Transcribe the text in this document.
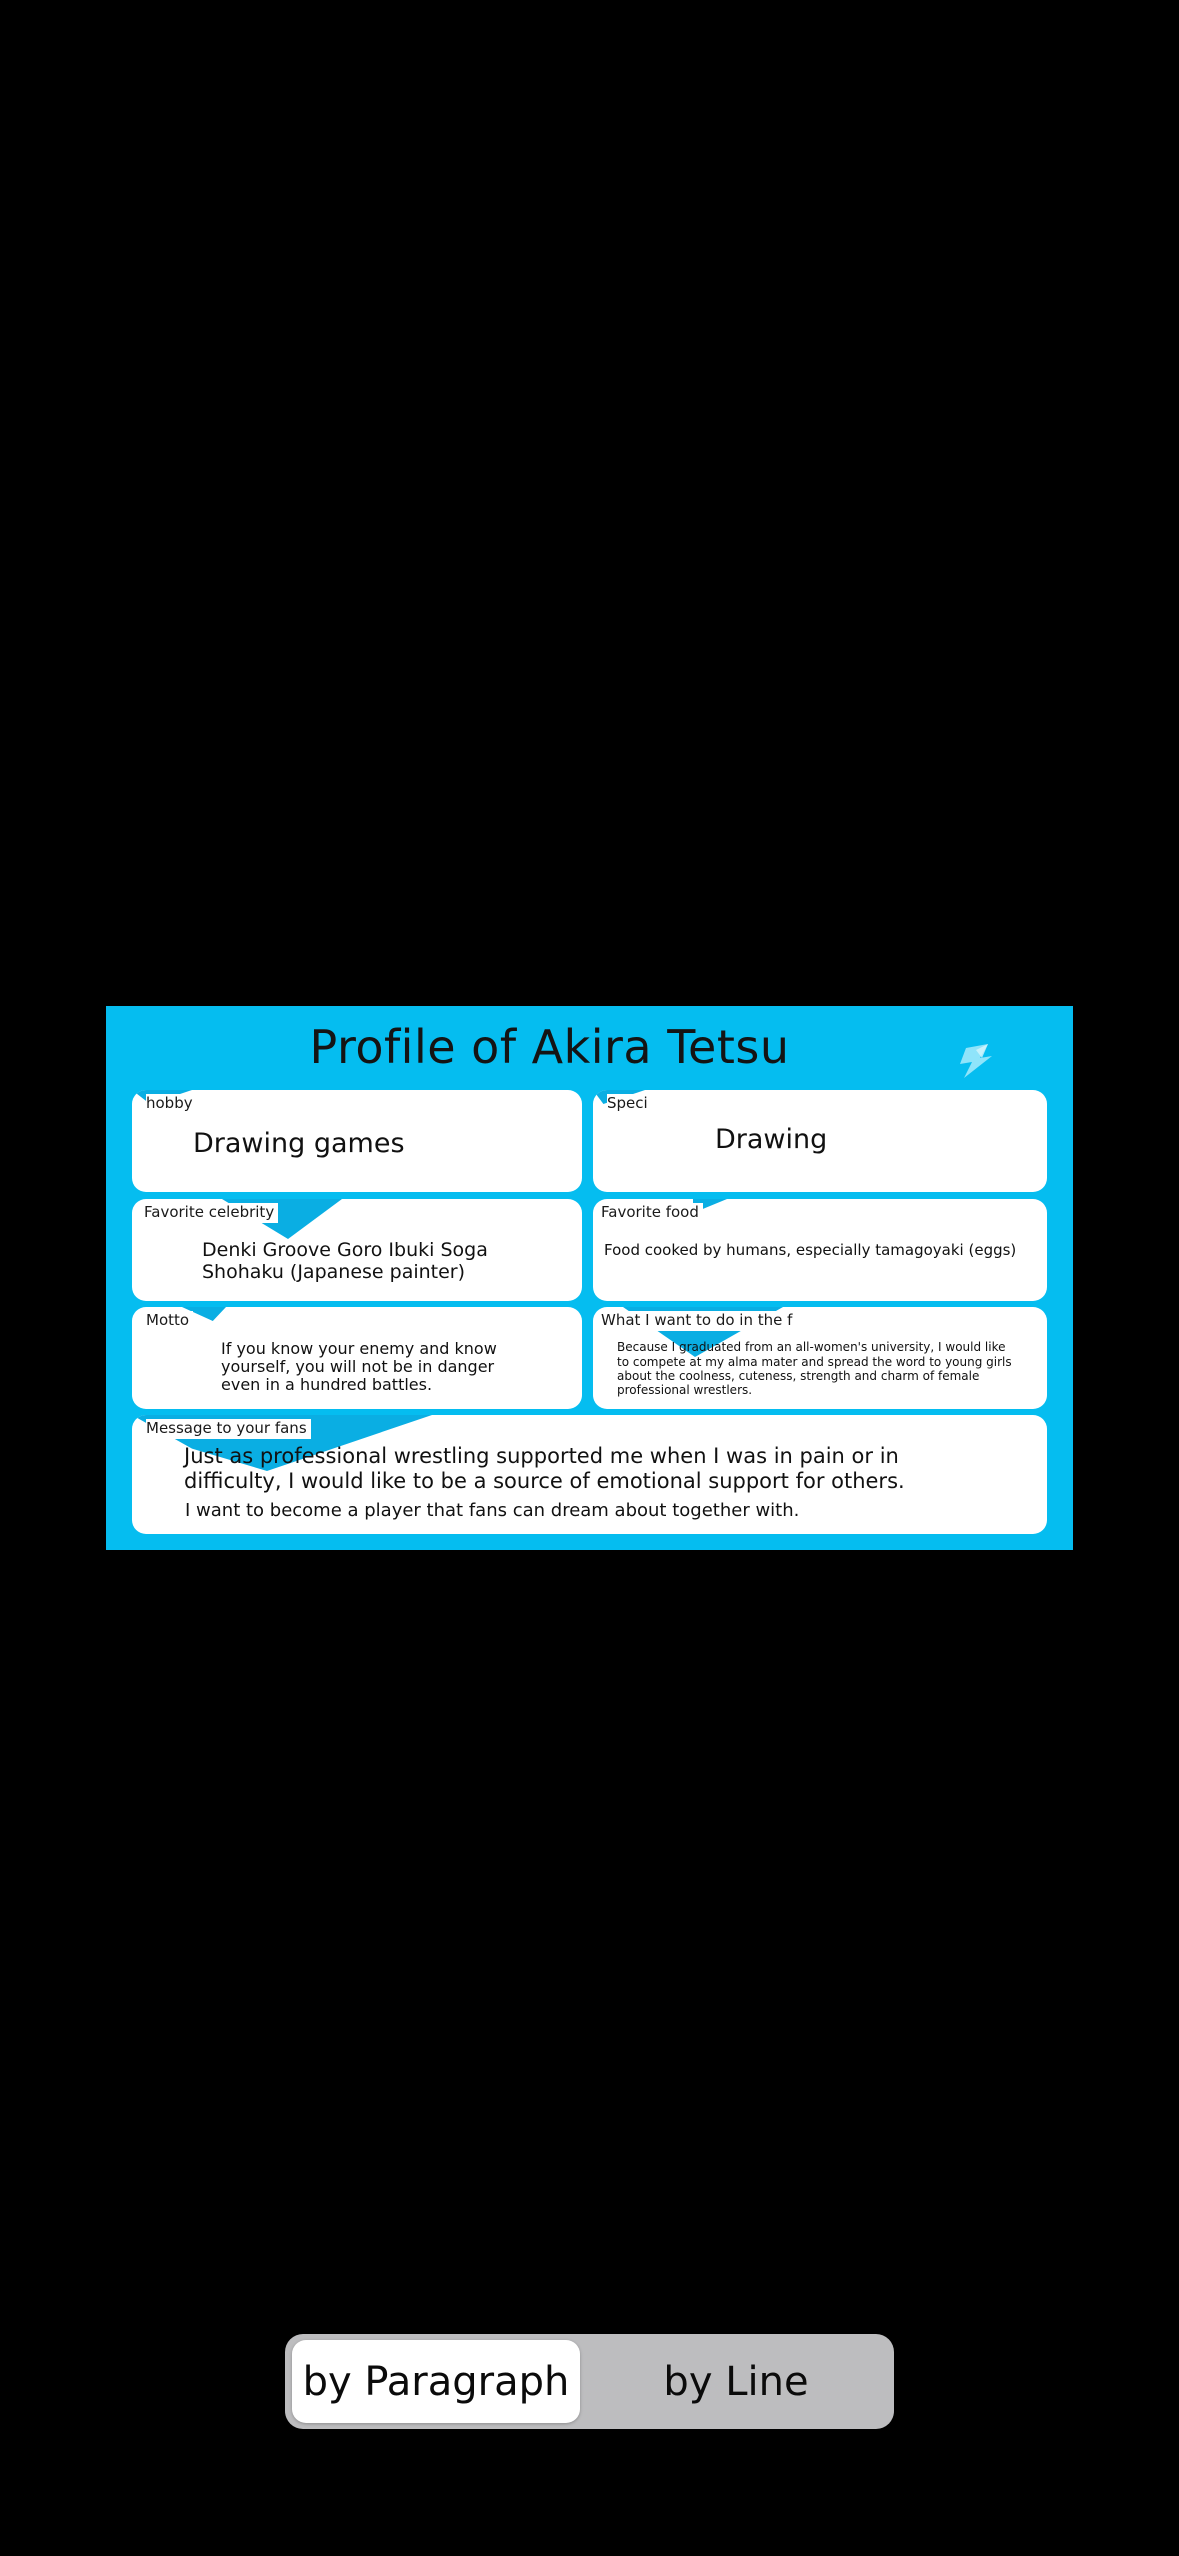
Profile of Akira Tetsu
hobby
Drawing games
Speci
Drawing
Favorite celebrity
Denki Groove Goro Ibuki Soga
Shohaku (Japanese painter)
Favorite food
Food cooked by humans, especially tamagoyaki (eggs)
Motto
If you know your enemy and know
yourself, you will not be in danger
even in a hundred battles.
What I want to do in the f
Because I graduated from an all-women's university, I would like
to compete at my alma mater and spread the word to young girls
about the coolness, cuteness, strength and charm of female
professional wrestlers.
Message to your fans
Just as professional wrestling supported me when I was in pain or in
difficulty, I would like to be a source of emotional support for others.
I want to become a player that fans can dream about together with.
by Paragraph	by Line
